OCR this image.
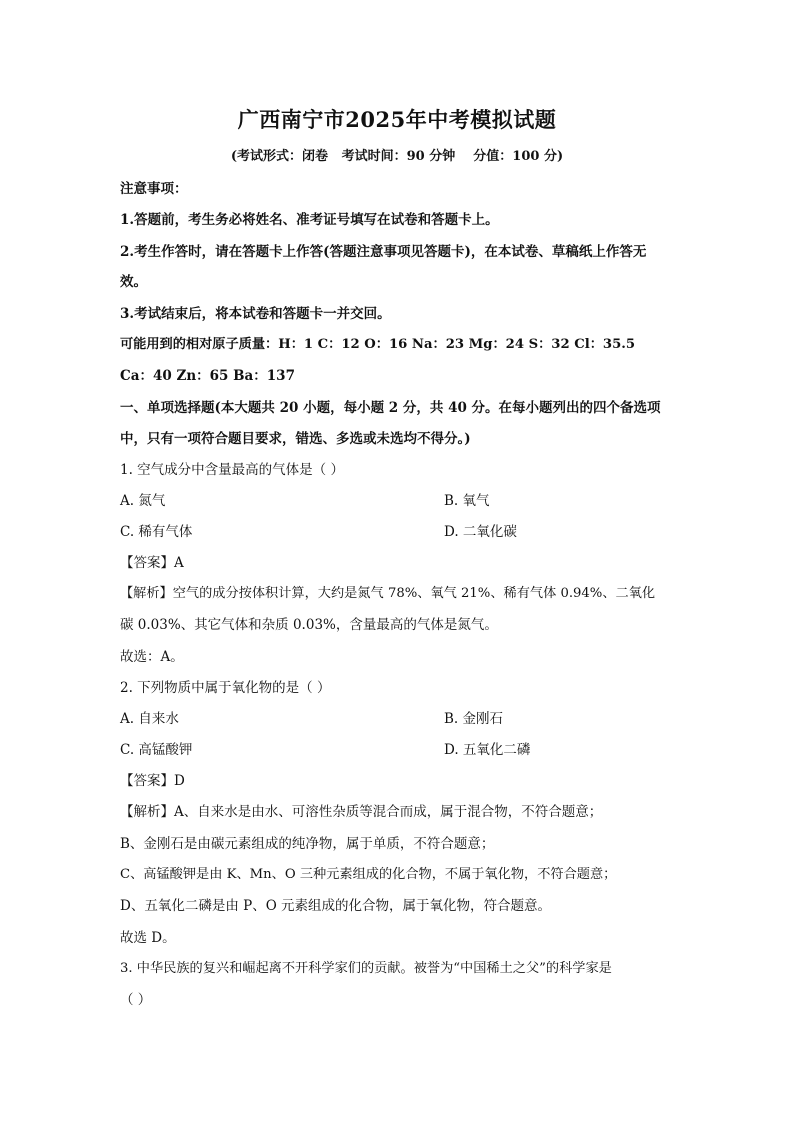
广西南宁市2025年中考模拟试题
(考试形式：闭卷   考试时间：90 分钟    分值：100 分)
注意事项：
1.答题前，考生务必将姓名、准考证号填写在试卷和答题卡上。
2.考生作答时，请在答题卡上作答(答题注意事项见答题卡)，在本试卷、草稿纸上作答无
效。
3.考试结束后，将本试卷和答题卡一并交回。
可能用到的相对原子质量：H：1 C：12 O：16 Na：23 Mg：24 S：32 Cl：35.5
Ca：40 Zn：65 Ba：137
一、单项选择题(本大题共 20 小题，每小题 2 分，共 40 分。在每小题列出的四个备选项
中，只有一项符合题目要求，错选、多选或未选均不得分。)
1. 空气成分中含量最高的气体是（ ）
A. 氮气	B. 氧气
C. 稀有气体	D. 二氧化碳
【答案】A
【解析】空气的成分按体积计算，大约是氮气 78%、氧气 21%、稀有气体 0.94%、二氧化
碳 0.03%、其它气体和杂质 0.03%，含量最高的气体是氮气。
故选：A。
2. 下列物质中属于氧化物的是（ ）
A. 自来水	B. 金刚石
C. 高锰酸钾	D. 五氧化二磷
【答案】D
【解析】A、自来水是由水、可溶性杂质等混合而成，属于混合物，不符合题意；
B、金刚石是由碳元素组成的纯净物，属于单质，不符合题意；
C、高锰酸钾是由 K、Mn、O 三种元素组成的化合物，不属于氧化物，不符合题意；
D、五氧化二磷是由 P、O 元素组成的化合物，属于氧化物，符合题意。
故选 D。
3. 中华民族的复兴和崛起离不开科学家们的贡献。被誉为“中国稀土之父”的科学家是
（ ）
